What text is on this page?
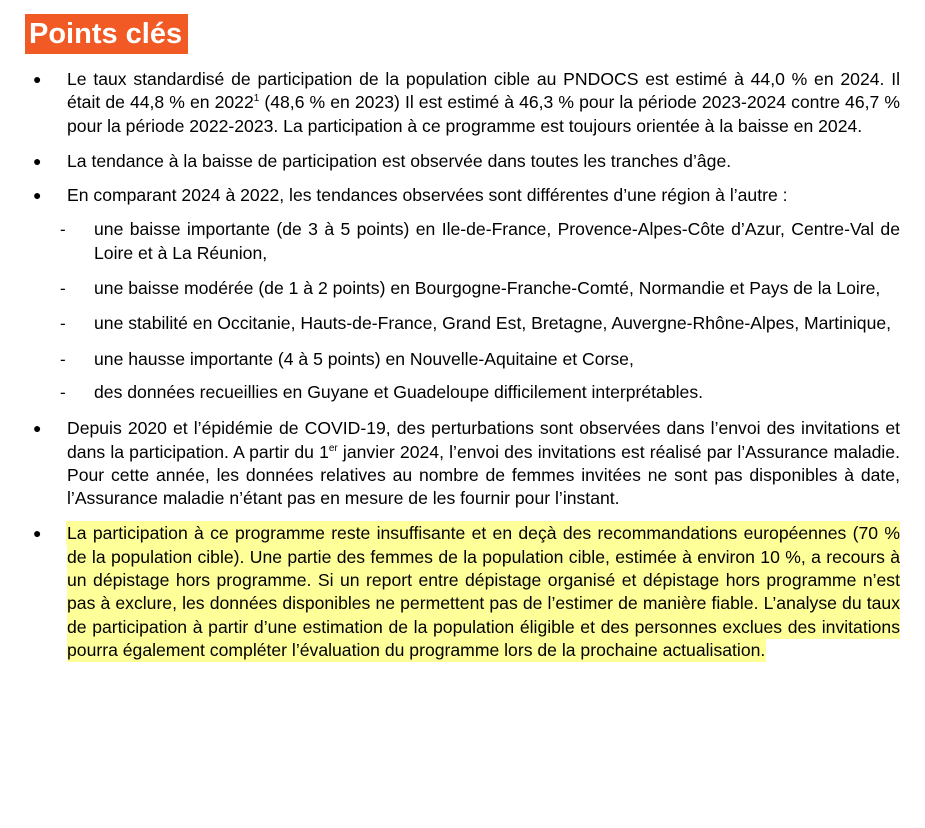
Points clés
● Le taux standardisé de participation de la population cible au PNDOCS est estimé à 44,0 % en 2024. Il était de 44,8 % en 2022$^1$ (48,6 % en 2023) Il est estimé à 46,3 % pour la période 2023-2024 contre 46,7 % pour la période 2022-2023. La participation à ce programme est toujours orientée à la baisse en 2024.

● La tendance à la baisse de participation est observée dans toutes les tranches d’âge.

● En comparant 2024 à 2022, les tendances observées sont différentes d’une région à l’autre :

- une baisse importante (de 3 à 5 points) en Ile-de-France, Provence-Alpes-Côte d’Azur, Centre-Val de Loire et à La Réunion,

- une baisse modérée (de 1 à 2 points) en Bourgogne-Franche-Comté, Normandie et Pays de la Loire,

- une stabilité en Occitanie, Hauts-de-France, Grand Est, Bretagne, Auvergne-Rhône-Alpes, Martinique,

- une hausse importante (4 à 5 points) en Nouvelle-Aquitaine et Corse,

- des données recueillies en Guyane et Guadeloupe difficilement interprétables.

● Depuis 2020 et l’épidémie de COVID-19, des perturbations sont observées dans l’envoi des invitations et dans la participation. A partir du 1er janvier 2024, l’envoi des invitations est réalisé par l’Assurance maladie. Pour cette année, les données relatives au nombre de femmes invitées ne sont pas disponibles à date, l’Assurance maladie n’étant pas en mesure de les fournir pour l’instant.

● La participation à ce programme reste insuffisante et en deçà des recommandations européennes (70 % de la population cible). Une partie des femmes de la population cible, estimée à environ 10 %, a recours à un dépistage hors programme. Si un report entre dépistage organisé et dépistage hors programme n’est pas à exclure, les données disponibles ne permettent pas de l’estimer de manière fiable. L’analyse du taux de participation à partir d’une estimation de la population éligible et des personnes exclues des invitations pourra également compléter l’évaluation du programme lors de la prochaine actualisation.
